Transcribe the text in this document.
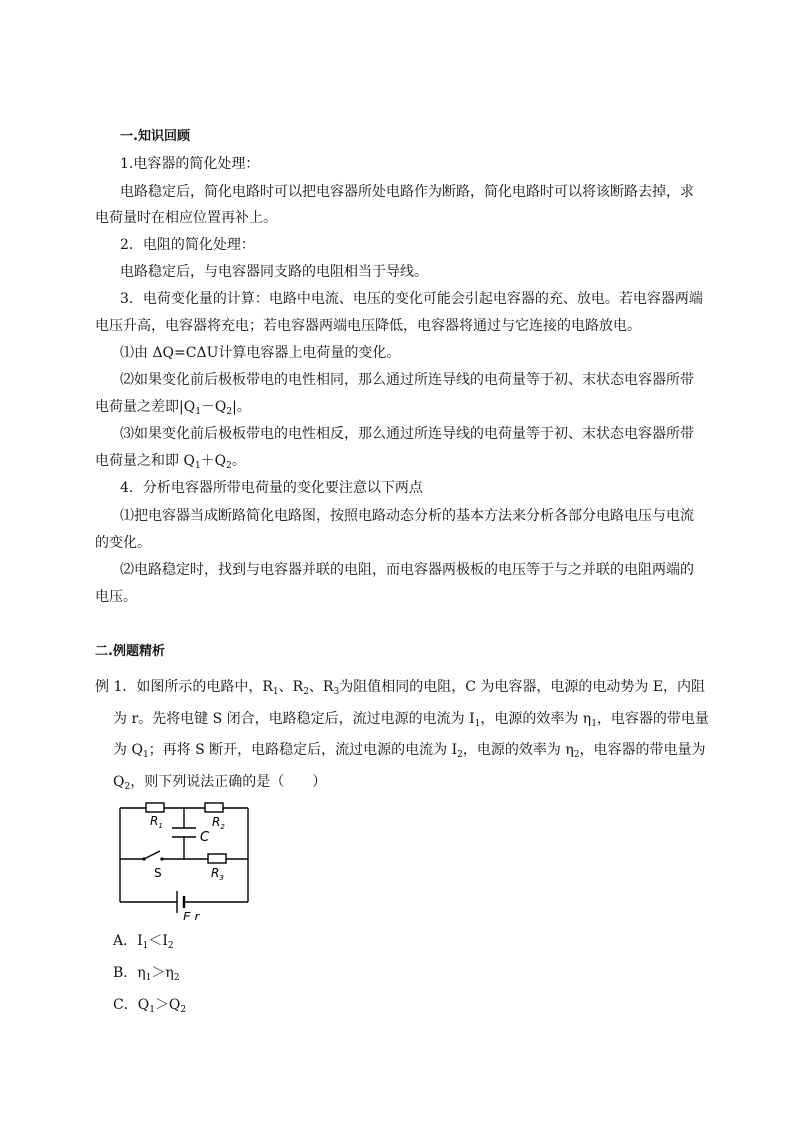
一.知识回顾
1.电容器的简化处理：
电路稳定后，简化电路时可以把电容器所处电路作为断路，简化电路时可以将该断路去掉，求
电荷量时在相应位置再补上。
2．电阻的简化处理：
电路稳定后，与电容器同支路的电阻相当于导线。
3．电荷变化量的计算：电路中电流、电压的变化可能会引起电容器的充、放电。若电容器两端
电压升高，电容器将充电；若电容器两端电压降低，电容器将通过与它连接的电路放电。
⑴由 ΔQ=CΔU计算电容器上电荷量的变化。
⑵如果变化前后极板带电的电性相同，那么通过所连导线的电荷量等于初、末状态电容器所带
电荷量之差即$|Q_1-Q_2|$。
⑶如果变化前后极板带电的电性相反，那么通过所连导线的电荷量等于初、末状态电容器所带
电荷量之和即 $Q_1+Q_2$。
4．分析电容器所带电荷量的变化要注意以下两点
⑴把电容器当成断路简化电路图，按照电路动态分析的基本方法来分析各部分电路电压与电流
的变化。
⑵电路稳定时，找到与电容器并联的电阻，而电容器两极板的电压等于与之并联的电阻两端的
电压。
二.例题精析
例 1．如图所示的电路中，$R_1$、$R_2$、$R_3$为阻值相同的电阻，C 为电容器，电源的电动势为 E，内阻
为 r。先将电键 S 闭合，电路稳定后，流过电源的电流为 $I_1$，电源的效率为 $\eta_1$，电容器的带电量
为 $Q_1$；再将 S 断开，电路稳定后，流过电源的电流为 $I_2$，电源的效率为 $\eta_2$，电容器的带电量为
$Q_2$，则下列说法正确的是（　　）
$R_1$	$R_2$
C
S	$R_3$
E r
A．$I_1<I_2$
B．$\eta_1>\eta_2$
C．$Q_1>Q_2$
